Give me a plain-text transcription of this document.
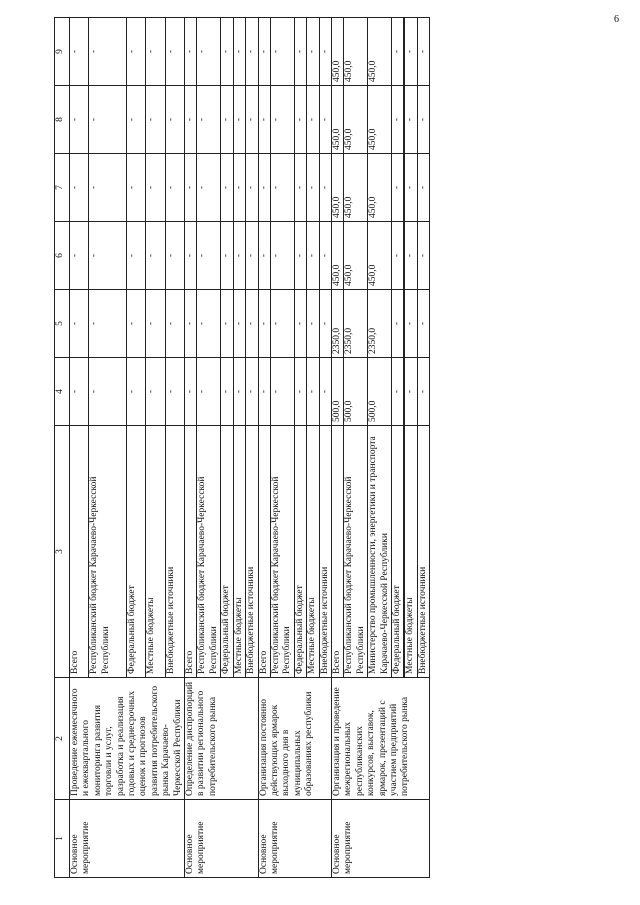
6
1	2	3	4	5	6	7	8	9
Основное мероприятие	Проведение ежемесячного и ежеквартального мониторинга развития торговли и услуг, разработка и реализация годовых и среднесрочных оценок и прогнозов развития потребительского рынка Карачаево-Черкесской Республики	Всего	-	-	-	-	-	-
		Республиканский бюджет Карачаево-Черкесской Республики	-	-	-	-	-	-
		Федеральный бюджет	-	-	-	-	-	-
		Местные бюджеты	-	-	-	-	-	-
		Внебюджетные источники	-	-	-	-	-	-
Основное мероприятие	Определение диспропорций в развитии регионального потребительского рынка	Всего	-	-	-	-	-	-
		Республиканский бюджет Карачаево-Черкесской Республики	-	-	-	-	-	-
		Федеральный бюджет	-	-	-	-	-	-
		Местные бюджеты	-	-	-	-	-	-
		Внебюджетные источники	-	-	-	-	-	-
Основное мероприятие	Организация постоянно действующих ярмарок выходного дня в муниципальных образованиях республики	Всего	-	-	-	-	-	-
		Республиканский бюджет Карачаево-Черкесской Республики	-	-	-	-	-	-
		Федеральный бюджет	-	-	-	-	-	-
		Местные бюджеты	-	-	-	-	-	-
		Внебюджетные источники	-	-	-	-	-	-
Основное мероприятие	Организация и проведение межрегиональных республиканских конкурсов, выставок, ярмарок, презентаций с участием предприятий потребительского рынка	Всего	500,0	2350,0	450,0	450,0	450,0	450,0
		Республиканский бюджет Карачаево-Черкесской Республики	500,0	2350,0	450,0	450,0	450,0	450,0
		Министерство промышленности, энергетики и транспорта Карачаево-Черкесской Республики	500,0	2350,0	450,0	450,0	450,0	450,0
		Федеральный бюджет	-	-	-	-	-	-

		Местные бюджеты	-	-	-	-	-	-
		Внебюджетные источники	-	-	-	-	-	-
